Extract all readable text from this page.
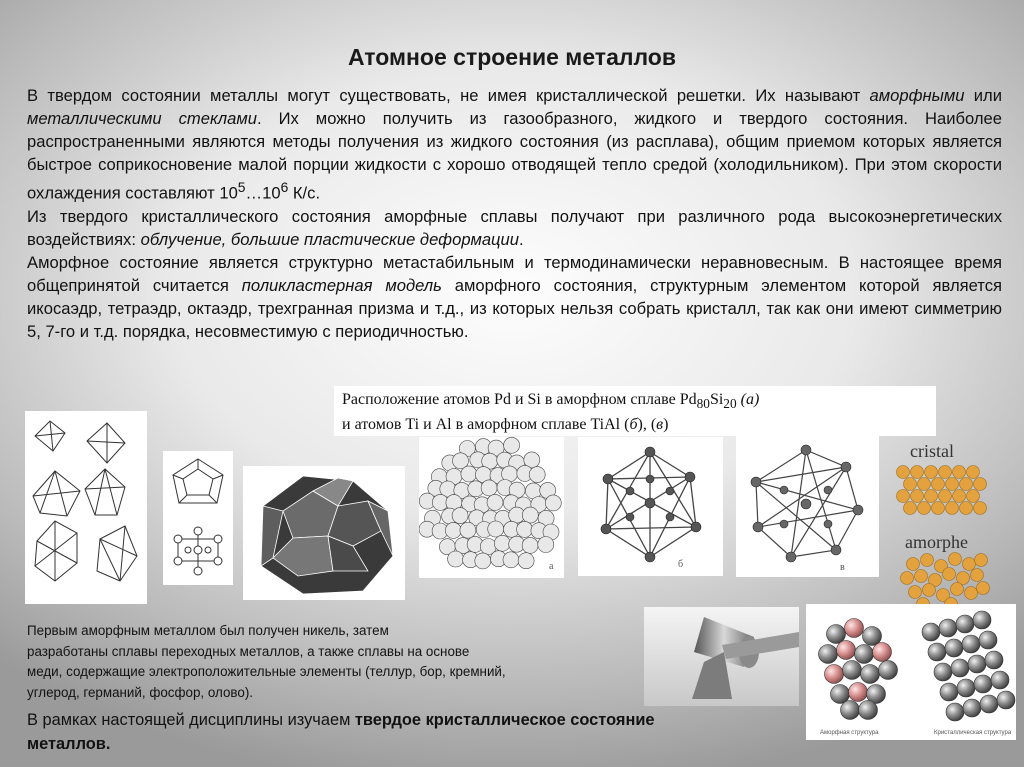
Атомное строение металлов

В твердом состоянии металлы могут существовать, не имея кристаллической решетки. Их называют аморфными или металлическими стеклами. Их можно получить из газообразного, жидкого и твердого состояния. Наиболее распространенными являются методы получения из жидкого состояния (из расплава), общим приемом которых является быстрое соприкосновение малой порции жидкости с хорошо отводящей тепло средой (холодильником). При этом скорости охлаждения составляют $10^5\dots 10^6$ К/с.

Из твердого кристаллического состояния аморфные сплавы получают при различного рода высокоэнергетических воздействиях: облучение, большие пластические деформации.

Аморфное состояние является структурно метастабильным и термодинамически неравновесным. В настоящее время общепринятой считается поликластерная модель аморфного состояния, структурным элементом которой является икосаэдр, тетраэдр, октаэдр, трехгранная призма и т.д., из которых нельзя собрать кристалл, так как они имеют симметрию 5, 7-го и т.д. порядка, несовместимую с периодичностью.

Расположение атомов Pd и Si в аморфном сплаве $Pd_{80}Si_{20}$ (a)
и атомов Ti и Al в аморфном сплаве TiAl (б), (в)
a	б	в
cristal
amorphe

Первым аморфным металлом был получен никель, затем

разработаны сплавы переходных металлов, а также сплавы на основе

меди, содержащие электроположительные элементы (теллур, бор, кремний,

углерод, германий, фосфор, олово).

Аморфная структура	Кристаллическая структура
В рамках настоящей дисциплины изучаем твердое кристаллическое состояние
металлов.
